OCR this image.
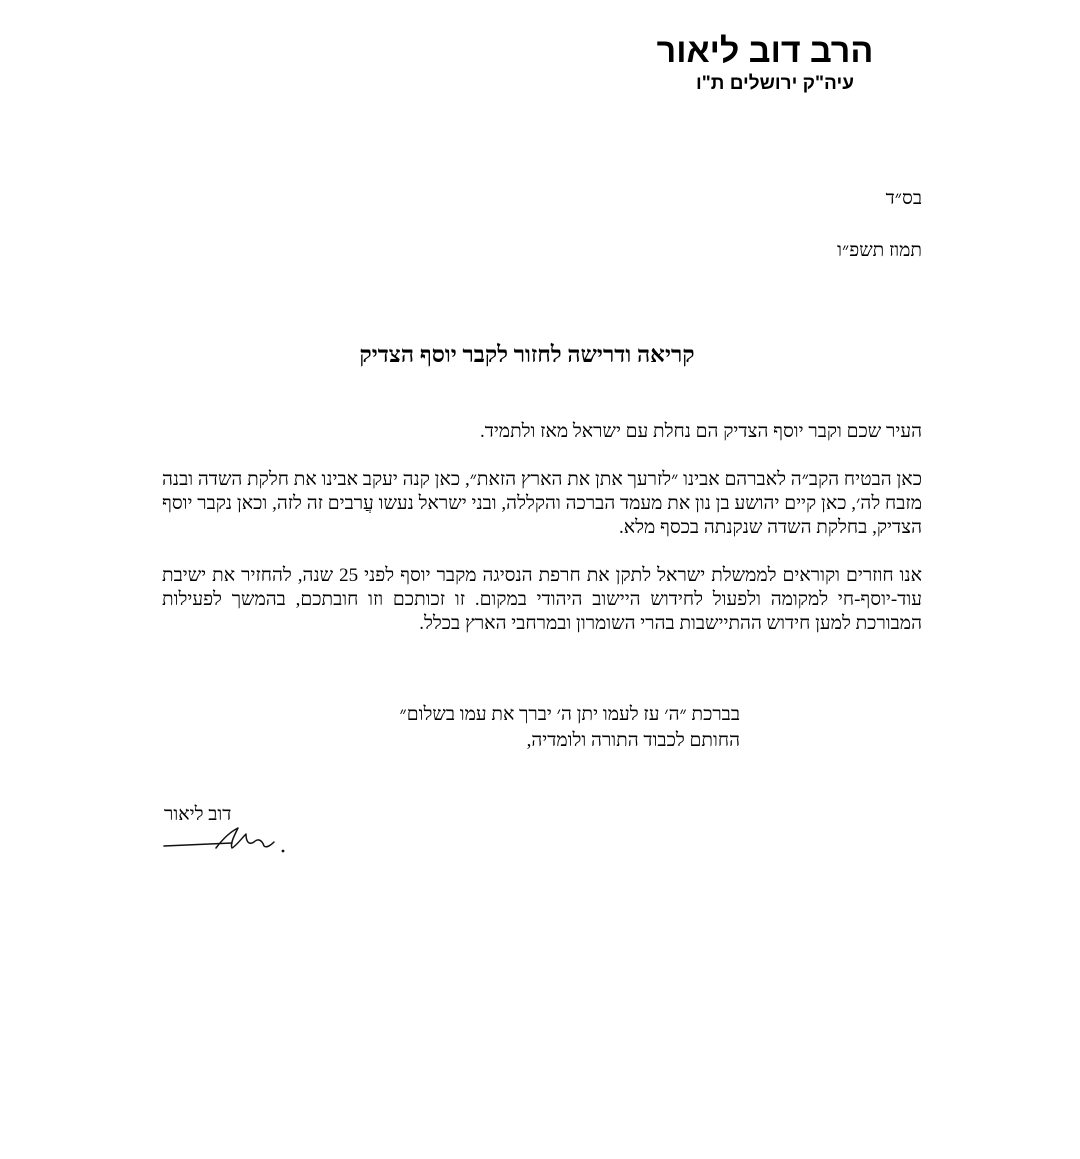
הרב דוב ליאור
עיה"ק ירושלים ת"ו
בס״ד
תמוז תשפ״ו
קריאה ודרישה לחזור לקבר יוסף הצדיק

העיר שכם וקבר יוסף הצדיק הם נחלת עם ישראל מאז ולתמיד.

כאן הבטיח הקב״ה לאברהם אבינו ״לזרעך אתן את הארץ הזאת״, כאן קנה יעקב אבינו את חלקת השדה ובנה מזבח לה׳, כאן קיים יהושע בן נון את מעמד הברכה והקללה, ובני ישראל נעשו עֲרבים זה לזה, וכאן נקבר יוסף הצדיק, בחלקת השדה שנקנתה בכסף מלא.

אנו חוזרים וקוראים לממשלת ישראל לתקן את חרפת הנסיגה מקבר יוסף לפני 25 שנה, להחזיר את ישיבת עוד-יוסף-חי למקומה ולפעול לחידוש היישוב היהודי במקום. זו זכותכם וזו חובתכם, בהמשך לפעילות המבורכת למען חידוש ההתיישבות בהרי השומרון ובמרחבי הארץ בכלל.

בברכת ״ה׳ עז לעמו יתן ה׳ יברך את עמו בשלום״
החותם לכבוד התורה ולומדיה,
דוב ליאור
